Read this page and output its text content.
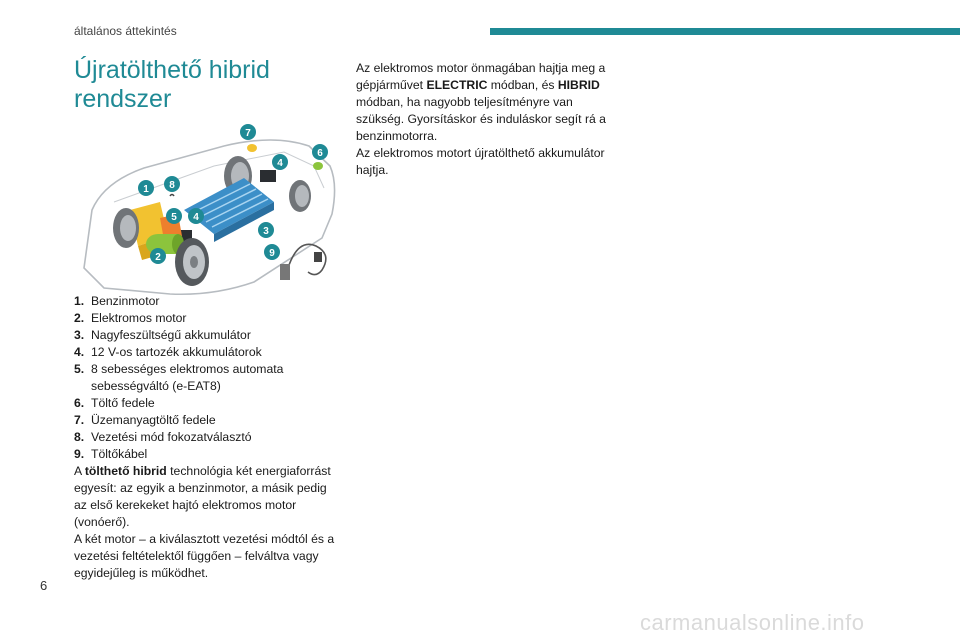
általános áttekintés
Újratölthető hibrid rendszer
1
2
3
4
4
5
6
7
8
9
1. Benzinmotor
2. Elektromos motor
3. Nagyfeszültségű akkumulátor
4. 12 V-os tartozék akkumulátorok
5. 8 sebességes elektromos automata sebességváltó (e-EAT8)
6. Töltő fedele
7. Üzemanyagtöltő fedele
8. Vezetési mód fokozatválasztó
9. Töltőkábel

A tölthető hibrid technológia két energiaforrást egyesít: az egyik a benzinmotor, a másik pedig az első kerekeket hajtó elektromos motor (vonóerő).

A két motor – a kiválasztott vezetési módtól és a vezetési feltételektől függően – felváltva vagy egyidejűleg is működhet.

Az elektromos motor önmagában hajtja meg a gépjárművet ELECTRIC módban, és HIBRID módban, ha nagyobb teljesítményre van szükség. Gyorsításkor és induláskor segít rá a benzinmotorra.

Az elektromos motort újratölthető akkumulátor hajtja.

6
carmanualsonline.info
